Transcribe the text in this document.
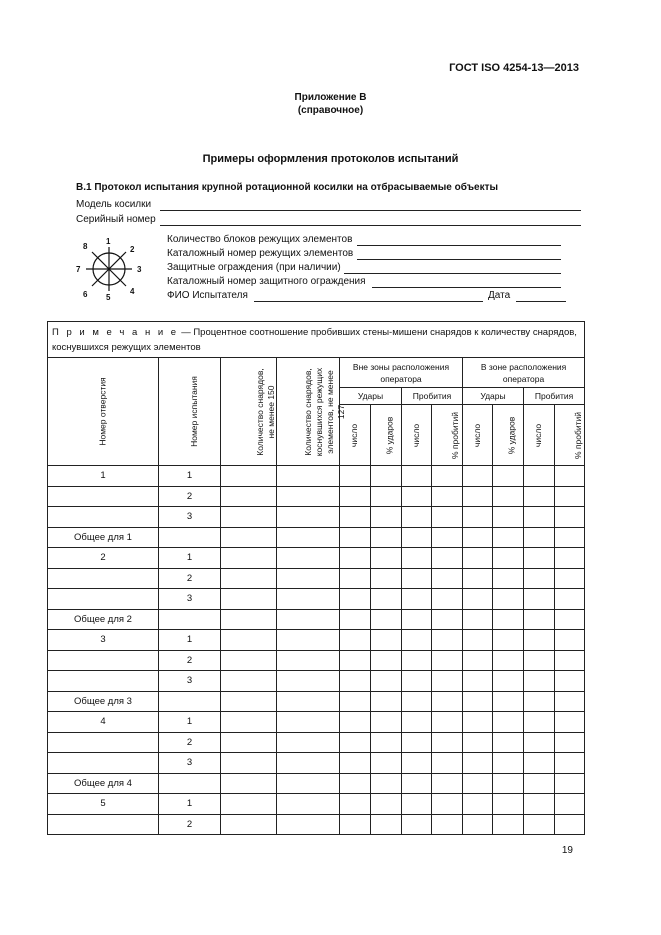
ГОСТ ISO 4254-13—2013
Приложение В
(справочное)
Примеры оформления протоколов испытаний
В.1 Протокол испытания крупной ротационной косилки на отбрасываемые объекты
Модель косилки
Серийный номер
1
2
3
4
5
6
7
8
Количество блоков режущих элементов
Каталожный номер режущих элементов
Защитные ограждения (при наличии)
Каталожный номер защитного ограждения
ФИО Испытателя	Дата
П р и м е ч а н и е — Процентное соотношение пробивших стены-мишени снарядов к количеству снарядов, коснувшихся режущих элементов											
Номер отверстия	Номер испытания	Количество снарядов, не менее 150	Количество снарядов, коснувшихся режущих элементов, не менее 127	Вне зоны расположения оператора				В зоне расположения оператора			
				Удары		Пробития		Удары		Пробития	
				число	% ударов	число	% пробитий	число	% ударов	число	% пробитий
1	1										
	2										
	3										
Общее для 1											
2	1										
	2										
	3										
Общее для 2											
3	1										
	2										
	3										
Общее для 3											
4	1										
	2										
	3										
Общее для 4											
5	1										
	2										
19
